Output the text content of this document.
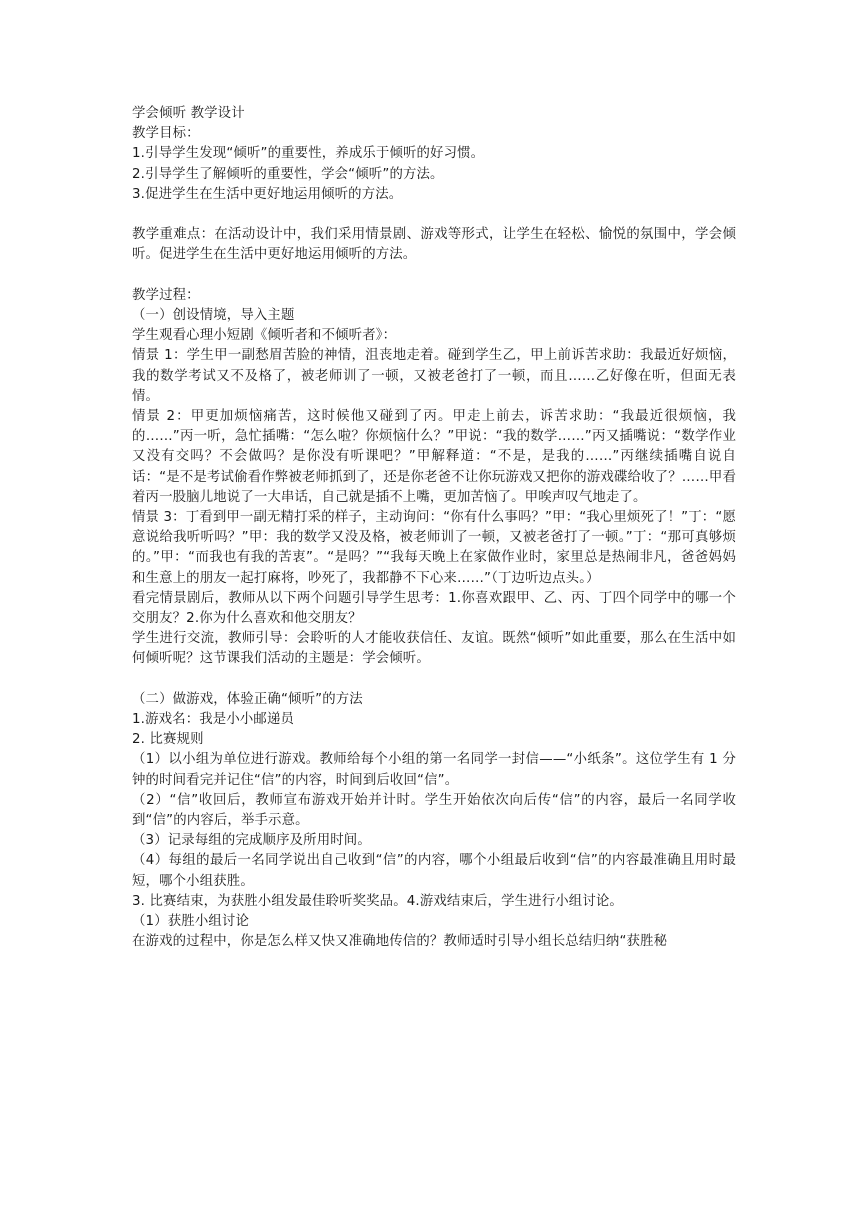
学会倾听 教学设计

教学目标：

1.引导学生发现“倾听”的重要性，养成乐于倾听的好习惯。

2.引导学生了解倾听的重要性，学会“倾听”的方法。

3.促进学生在生活中更好地运用倾听的方法。

教学重难点：在活动设计中，我们采用情景剧、游戏等形式，让学生在轻松、愉悦的氛围中，学会倾听。促进学生在生活中更好地运用倾听的方法。

教学过程：

（一）创设情境，导入主题

学生观看心理小短剧《倾听者和不倾听者》：

情景 1：学生甲一副愁眉苦脸的神情，沮丧地走着。碰到学生乙，甲上前诉苦求助：我最近好烦恼，我的数学考试又不及格了，被老师训了一顿，又被老爸打了一顿，而且……乙好像在听，但面无表情。

情景 2：甲更加烦恼痛苦，这时候他又碰到了丙。甲走上前去，诉苦求助：“我最近很烦恼，我的……”丙一听，急忙插嘴：“怎么啦？你烦恼什么？”甲说：“我的数学……”丙又插嘴说：“数学作业又没有交吗？不会做吗？是你没有听课吧？”甲解释道：“不是，是我的……”丙继续插嘴自说自话：“是不是考试偷看作弊被老师抓到了，还是你老爸不让你玩游戏又把你的游戏碟给收了？……甲看着丙一股脑儿地说了一大串话，自己就是插不上嘴，更加苦恼了。甲唉声叹气地走了。

情景 3：丁看到甲一副无精打采的样子，主动询问：“你有什么事吗？”甲：“我心里烦死了！”丁：“愿意说给我听听吗？”甲：我的数学又没及格，被老师训了一顿，又被老爸打了一顿。”丁：“那可真够烦的。”甲：“而我也有我的苦衷”。“是吗？”“我每天晚上在家做作业时，家里总是热闹非凡，爸爸妈妈和生意上的朋友一起打麻将，吵死了，我都静不下心来……”（丁边听边点头。）

看完情景剧后，教师从以下两个问题引导学生思考：1.你喜欢跟甲、乙、丙、丁四个同学中的哪一个交朋友？2.你为什么喜欢和他交朋友？

学生进行交流，教师引导：会聆听的人才能收获信任、友谊。既然“倾听”如此重要，那么在生活中如何倾听呢？这节课我们活动的主题是：学会倾听。

（二）做游戏，体验正确“倾听”的方法

1.游戏名：我是小小邮递员

2. 比赛规则

（1）以小组为单位进行游戏。教师给每个小组的第一名同学一封信——“小纸条”。这位学生有 1 分钟的时间看完并记住“信”的内容，时间到后收回“信”。

（2）“信”收回后，教师宣布游戏开始并计时。学生开始依次向后传“信”的内容，最后一名同学收到“信”的内容后，举手示意。

（3）记录每组的完成顺序及所用时间。

（4）每组的最后一名同学说出自己收到“信”的内容，哪个小组最后收到“信”的内容最准确且用时最短，哪个小组获胜。

3. 比赛结束，为获胜小组发最佳聆听奖奖品。4.游戏结束后，学生进行小组讨论。

（1）获胜小组讨论

在游戏的过程中，你是怎么样又快又准确地传信的？教师适时引导小组长总结归纳“获胜秘
